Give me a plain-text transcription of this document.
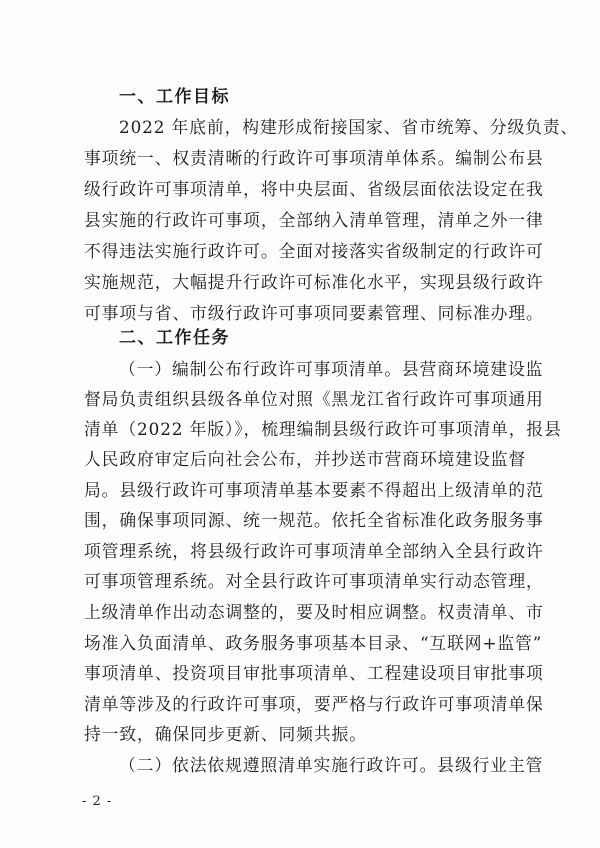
一、工作目标
2022 年底前，构建形成衔接国家、省市统筹、分级负责、
事项统一、权责清晰的行政许可事项清单体系。编制公布县
级行政许可事项清单，将中央层面、省级层面依法设定在我
县实施的行政许可事项，全部纳入清单管理，清单之外一律
不得违法实施行政许可。全面对接落实省级制定的行政许可
实施规范，大幅提升行政许可标准化水平，实现县级行政许
可事项与省、市级行政许可事项同要素管理、同标准办理。
二、工作任务
（一）编制公布行政许可事项清单。县营商环境建设监
督局负责组织县级各单位对照《黑龙江省行政许可事项通用
清单（2022 年版）》，梳理编制县级行政许可事项清单，报县
人民政府审定后向社会公布，并抄送市营商环境建设监督
局。县级行政许可事项清单基本要素不得超出上级清单的范
围，确保事项同源、统一规范。依托全省标准化政务服务事
项管理系统，将县级行政许可事项清单全部纳入全县行政许
可事项管理系统。对全县行政许可事项清单实行动态管理，
上级清单作出动态调整的，要及时相应调整。权责清单、市
场准入负面清单、政务服务事项基本目录、“互联网+监管”
事项清单、投资项目审批事项清单、工程建设项目审批事项
清单等涉及的行政许可事项，要严格与行政许可事项清单保
持一致，确保同步更新、同频共振。
（二）依法依规遵照清单实施行政许可。县级行业主管
- 2 -
